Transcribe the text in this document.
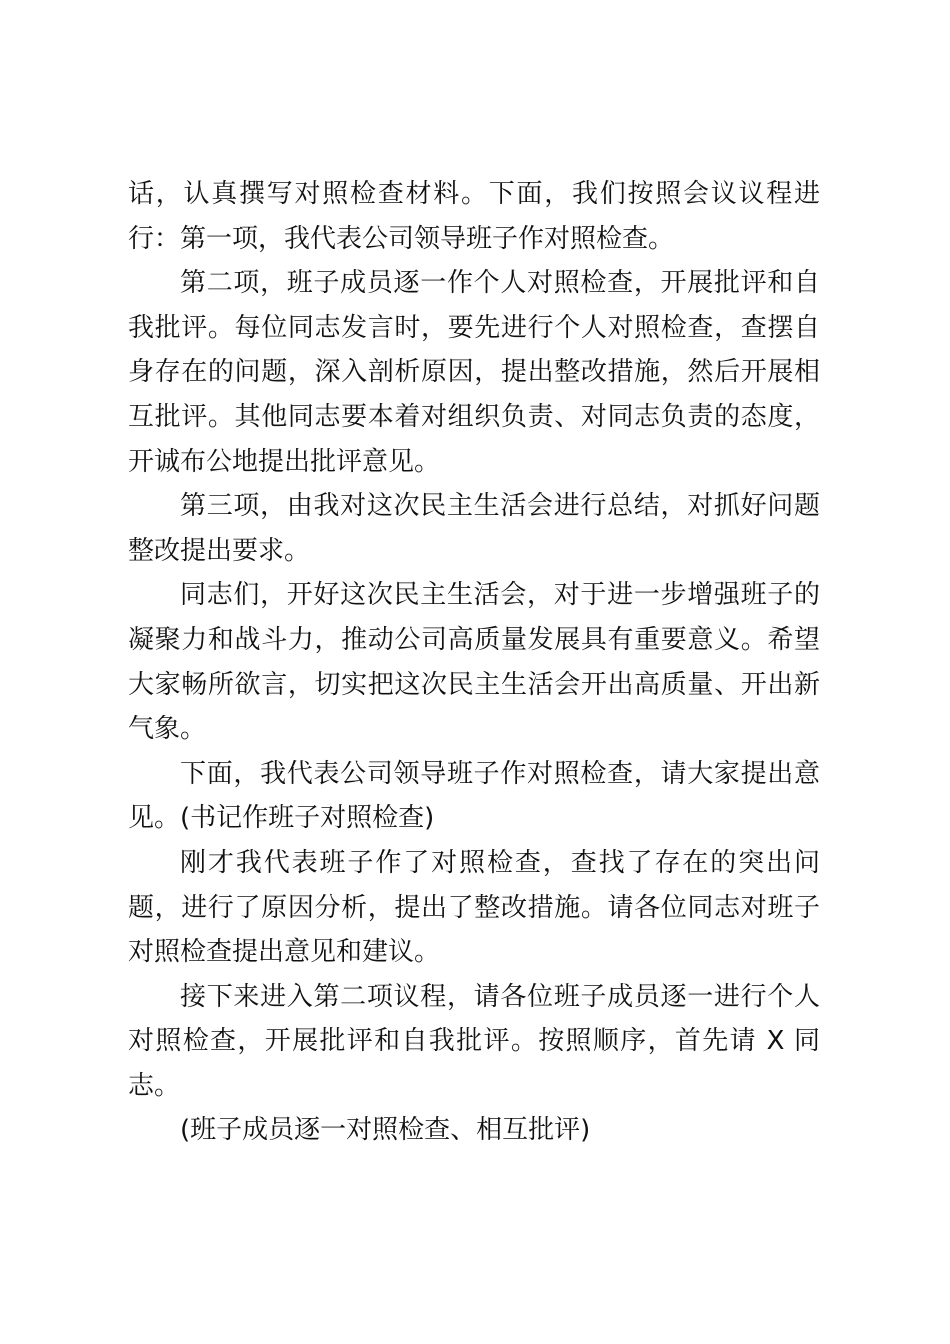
话，认真撰写对照检查材料。下面，我们按照会议议程进行：第一项，我代表公司领导班子作对照检查。

第二项，班子成员逐一作个人对照检查，开展批评和自我批评。每位同志发言时，要先进行个人对照检查，查摆自身存在的问题，深入剖析原因，提出整改措施，然后开展相互批评。其他同志要本着对组织负责、对同志负责的态度，开诚布公地提出批评意见。

第三项，由我对这次民主生活会进行总结，对抓好问题整改提出要求。

同志们，开好这次民主生活会，对于进一步增强班子的凝聚力和战斗力，推动公司高质量发展具有重要意义。希望大家畅所欲言，切实把这次民主生活会开出高质量、开出新气象。

下面，我代表公司领导班子作对照检查，请大家提出意见。(书记作班子对照检查)

刚才我代表班子作了对照检查，查找了存在的突出问题，进行了原因分析，提出了整改措施。请各位同志对班子对照检查提出意见和建议。

接下来进入第二项议程，请各位班子成员逐一进行个人对照检查，开展批评和自我批评。按照顺序，首先请 X 同志。

(班子成员逐一对照检查、相互批评)
